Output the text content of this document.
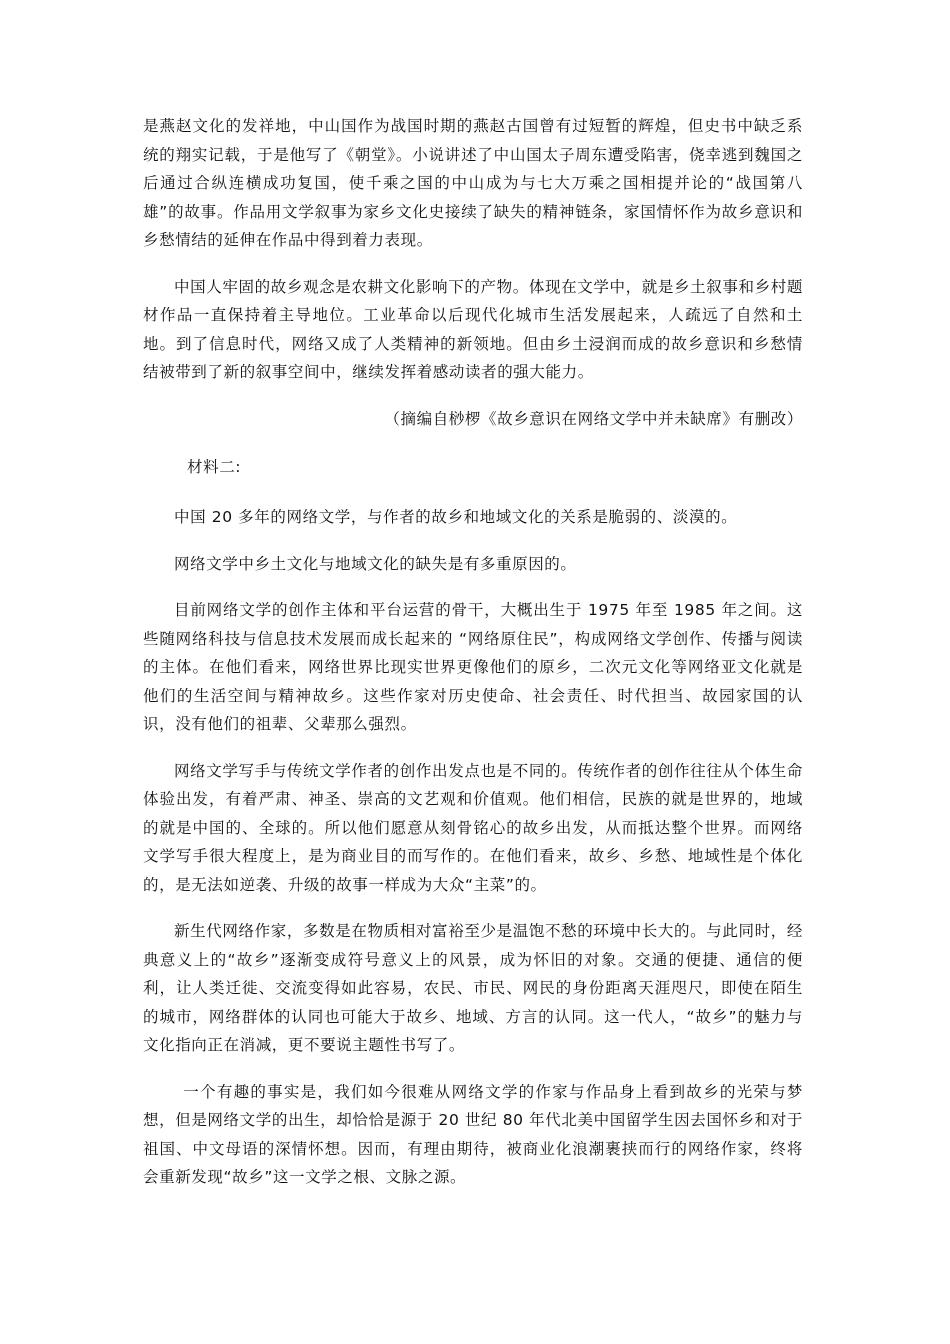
是燕赵文化的发祥地，中山国作为战国时期的燕赵古国曾有过短暂的辉煌，但史书中缺乏系统的翔实记载，于是他写了《朝堂》。小说讲述了中山国太子周东遭受陷害，侥幸逃到魏国之后通过合纵连横成功复国，使千乘之国的中山成为与七大万乘之国相提并论的“战国第八雄”的故事。作品用文学叙事为家乡文化史接续了缺失的精神链条，家国情怀作为故乡意识和乡愁情结的延伸在作品中得到着力表现。

中国人牢固的故乡观念是农耕文化影响下的产物。体现在文学中，就是乡土叙事和乡村题材作品一直保持着主导地位。工业革命以后现代化城市生活发展起来，人疏远了自然和土地。到了信息时代，网络又成了人类精神的新领地。但由乡土浸润而成的故乡意识和乡愁情结被带到了新的叙事空间中，继续发挥着感动读者的强大能力。

（摘编自桫椤《故乡意识在网络文学中并未缺席》有删改）

材料二:

中国 20 多年的网络文学，与作者的故乡和地域文化的关系是脆弱的、淡漠的。

网络文学中乡土文化与地域文化的缺失是有多重原因的。

目前网络文学的创作主体和平台运营的骨干，大概出生于 1975 年至 1985 年之间。这些随网络科技与信息技术发展而成长起来的 “网络原住民”，构成网络文学创作、传播与阅读的主体。在他们看来，网络世界比现实世界更像他们的原乡，二次元文化等网络亚文化就是他们的生活空间与精神故乡。这些作家对历史使命、社会责任、时代担当、故园家国的认识，没有他们的祖辈、父辈那么强烈。

网络文学写手与传统文学作者的创作出发点也是不同的。传统作者的创作往往从个体生命体验出发，有着严肃、神圣、崇高的文艺观和价值观。他们相信，民族的就是世界的，地域的就是中国的、全球的。所以他们愿意从刻骨铭心的故乡出发，从而抵达整个世界。而网络文学写手很大程度上，是为商业目的而写作的。在他们看来，故乡、乡愁、地域性是个体化的，是无法如逆袭、升级的故事一样成为大众“主菜”的。

新生代网络作家，多数是在物质相对富裕至少是温饱不愁的环境中长大的。与此同时，经典意义上的“故乡”逐渐变成符号意义上的风景，成为怀旧的对象。交通的便捷、通信的便利，让人类迁徙、交流变得如此容易，农民、市民、网民的身份距离天涯咫尺，即使在陌生的城市，网络群体的认同也可能大于故乡、地域、方言的认同。这一代人，“故乡”的魅力与文化指向正在消减，更不要说主题性书写了。

一个有趣的事实是，我们如今很难从网络文学的作家与作品身上看到故乡的光荣与梦想，但是网络文学的出生，却恰恰是源于 20 世纪 80 年代北美中国留学生因去国怀乡和对于祖国、中文母语的深情怀想。因而，有理由期待，被商业化浪潮裹挟而行的网络作家，终将会重新发现“故乡”这一文学之根、文脉之源。
